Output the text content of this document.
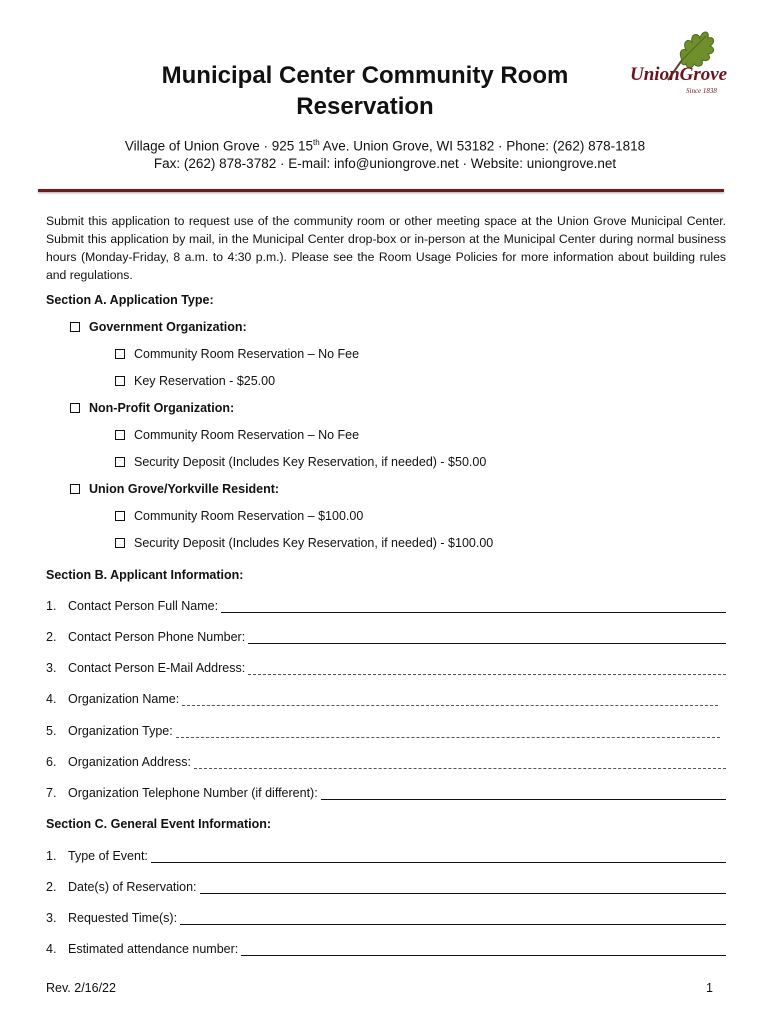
Municipal Center Community Room
Reservation
UnionGrove
Since 1838
Village of Union Grove · 925 15th Ave. Union Grove, WI 53182 · Phone: (262) 878-1818
Fax: (262) 878-3782 · E-mail: info@uniongrove.net · Website: uniongrove.net
Submit this application to request use of the community room or other meeting space at the Union Grove Municipal Center. Submit this application by mail, in the Municipal Center drop-box or in-person at the Municipal Center during normal business hours (Monday-Friday, 8 a.m. to 4:30 p.m.). Please see the Room Usage Policies for more information about building rules and regulations.
Section A. Application Type:
Government Organization:
Community Room Reservation – No Fee
Key Reservation - $25.00
Non-Profit Organization:
Community Room Reservation – No Fee
Security Deposit (Includes Key Reservation, if needed) - $50.00
Union Grove/Yorkville Resident:
Community Room Reservation – $100.00
Security Deposit (Includes Key Reservation, if needed) - $100.00
Section B. Applicant Information:
1. Contact Person Full Name:
2. Contact Person Phone Number:
3. Contact Person E-Mail Address:
4. Organization Name:
5. Organization Type:
6. Organization Address:
7. Organization Telephone Number (if different):
Section C. General Event Information:
1. Type of Event:
2. Date(s) of Reservation:
3. Requested Time(s):
4. Estimated attendance number:
Rev. 2/16/22	1
